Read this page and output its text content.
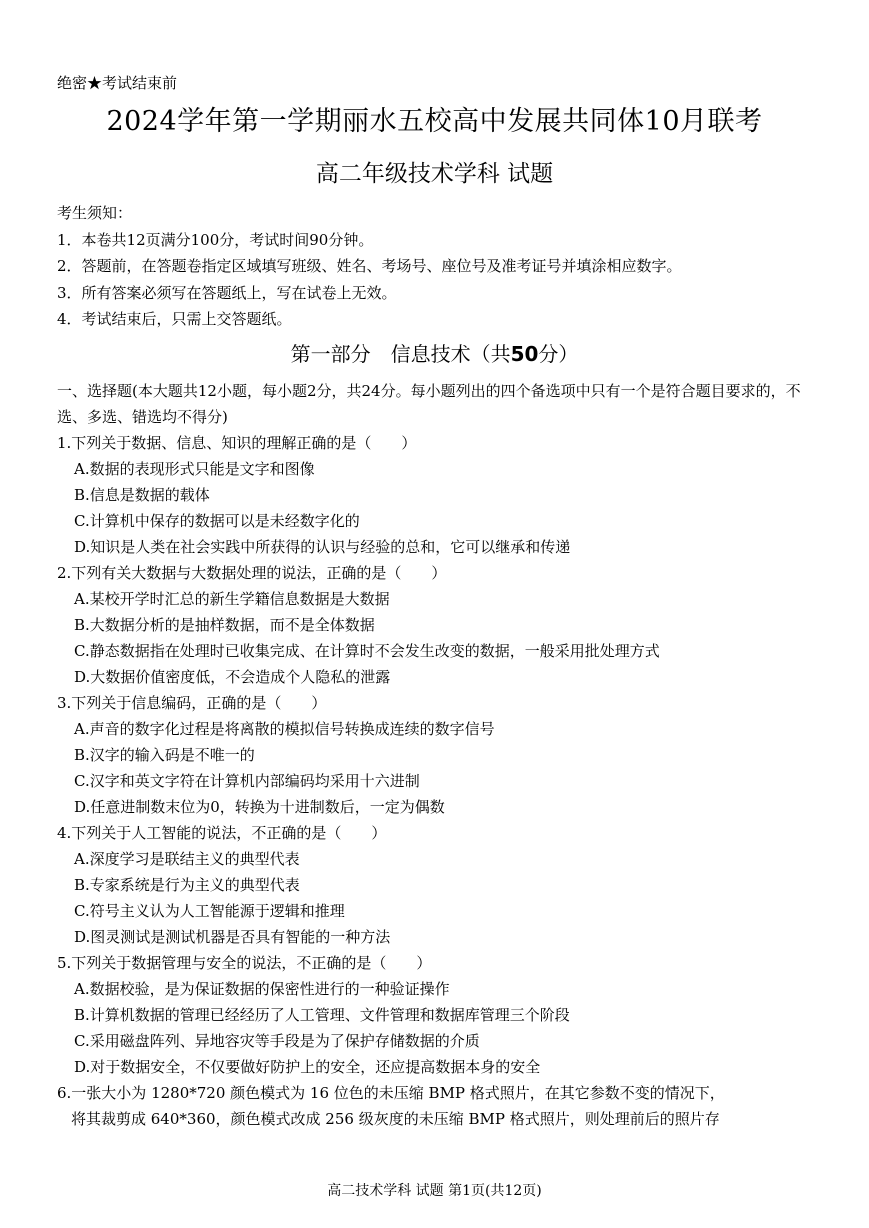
绝密★考试结束前
2024学年第一学期丽水五校高中发展共同体10月联考
高二年级技术学科 试题
考生须知：
1．本卷共12页满分100分，考试时间90分钟。
2．答题前，在答题卷指定区域填写班级、姓名、考场号、座位号及准考证号并填涂相应数字。
3．所有答案必须写在答题纸上，写在试卷上无效。
4．考试结束后，只需上交答题纸。
第一部分　信息技术（共50分）
一、选择题(本大题共12小题，每小题2分，共24分。每小题列出的四个备选项中只有一个是符合题目要求的，不选、多选、错选均不得分)
1.下列关于数据、信息、知识的理解正确的是（　　）
A.数据的表现形式只能是文字和图像
B.信息是数据的载体
C.计算机中保存的数据可以是未经数字化的
D.知识是人类在社会实践中所获得的认识与经验的总和，它可以继承和传递
2.下列有关大数据与大数据处理的说法，正确的是（　　）
A.某校开学时汇总的新生学籍信息数据是大数据
B.大数据分析的是抽样数据，而不是全体数据
C.静态数据指在处理时已收集完成、在计算时不会发生改变的数据，一般采用批处理方式
D.大数据价值密度低，不会造成个人隐私的泄露
3.下列关于信息编码，正确的是（　　）
A.声音的数字化过程是将离散的模拟信号转换成连续的数字信号
B.汉字的输入码是不唯一的
C.汉字和英文字符在计算机内部编码均采用十六进制
D.任意进制数末位为0，转换为十进制数后，一定为偶数
4.下列关于人工智能的说法，不正确的是（　　）
A.深度学习是联结主义的典型代表
B.专家系统是行为主义的典型代表
C.符号主义认为人工智能源于逻辑和推理
D.图灵测试是测试机器是否具有智能的一种方法
5.下列关于数据管理与安全的说法，不正确的是（　　）
A.数据校验，是为保证数据的保密性进行的一种验证操作
B.计算机数据的管理已经经历了人工管理、文件管理和数据库管理三个阶段
C.采用磁盘阵列、异地容灾等手段是为了保护存储数据的介质
D.对于数据安全，不仅要做好防护上的安全，还应提高数据本身的安全
6.一张大小为 1280*720 颜色模式为 16 位色的未压缩 BMP 格式照片，在其它参数不变的情况下，
将其裁剪成 640*360，颜色模式改成 256 级灰度的未压缩 BMP 格式照片，则处理前后的照片存
高二技术学科 试题 第1页(共12页)
